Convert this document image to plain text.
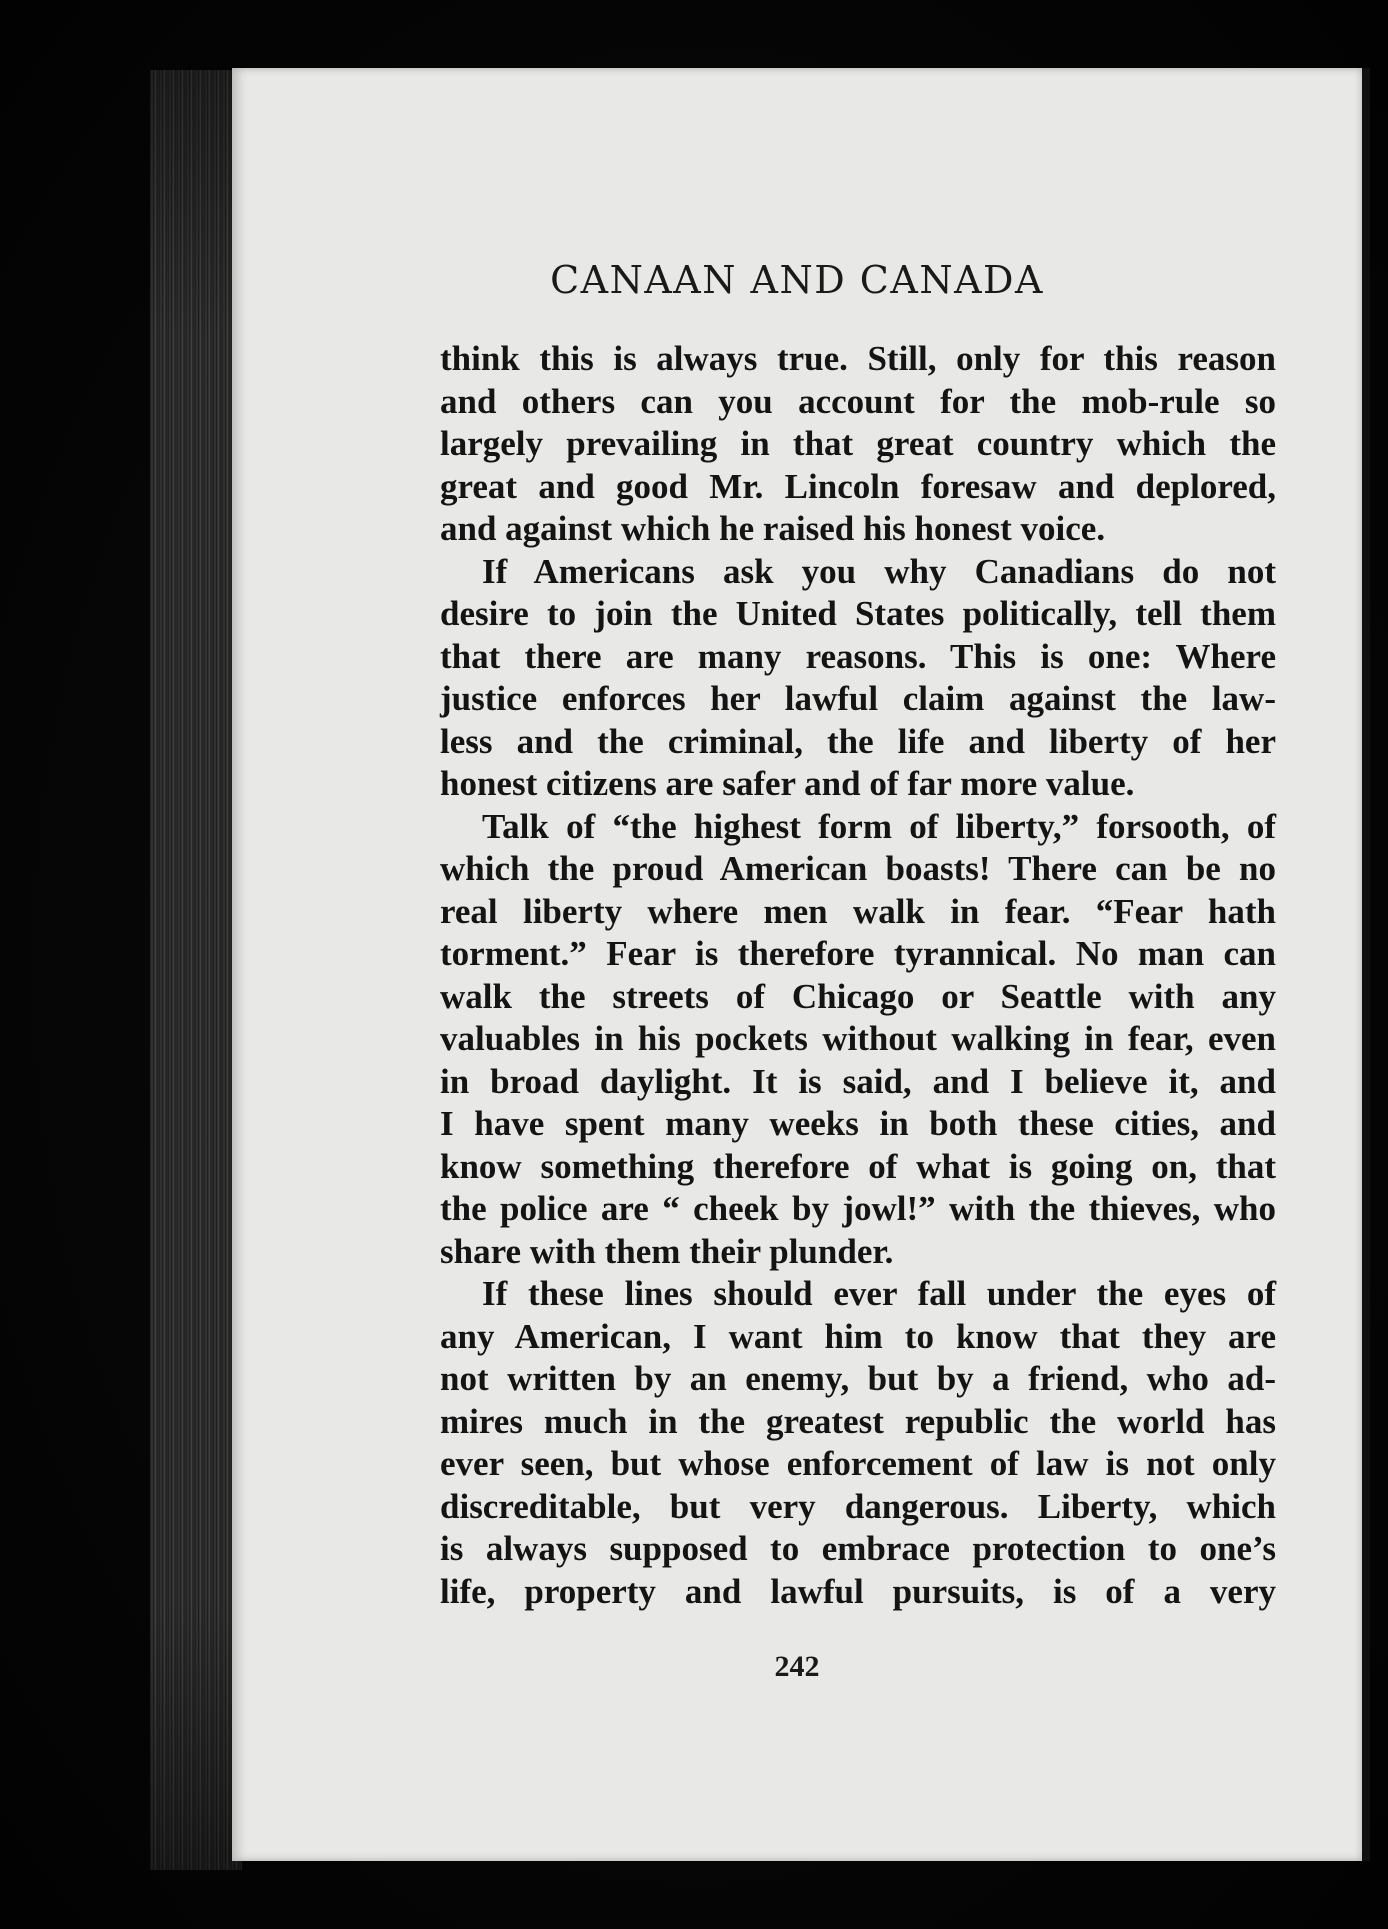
CANAAN AND CANADA

think this is always true. Still, only for this reason
and others can you account for the mob-rule so
largely prevailing in that great country which the
great and good Mr. Lincoln foresaw and deplored,
and against which he raised his honest voice.

If Americans ask you why Canadians do not
desire to join the United States politically, tell them
that there are many reasons. This is one: Where
justice enforces her lawful claim against the law-
less and the criminal, the life and liberty of her
honest citizens are safer and of far more value.

Talk of “the highest form of liberty,” forsooth, of
which the proud American boasts! There can be no
real liberty where men walk in fear. “Fear hath
torment.” Fear is therefore tyrannical. No man can
walk the streets of Chicago or Seattle with any
valuables in his pockets without walking in fear, even
in broad daylight. It is said, and I believe it, and
I have spent many weeks in both these cities, and
know something therefore of what is going on, that
the police are “ cheek by jowl!” with the thieves, who
share with them their plunder.

If these lines should ever fall under the eyes of
any American, I want him to know that they are
not written by an enemy, but by a friend, who ad-
mires much in the greatest republic the world has
ever seen, but whose enforcement of law is not only
discreditable, but very dangerous. Liberty, which
is always supposed to embrace protection to one’s
life, property and lawful pursuits, is of a very

242
